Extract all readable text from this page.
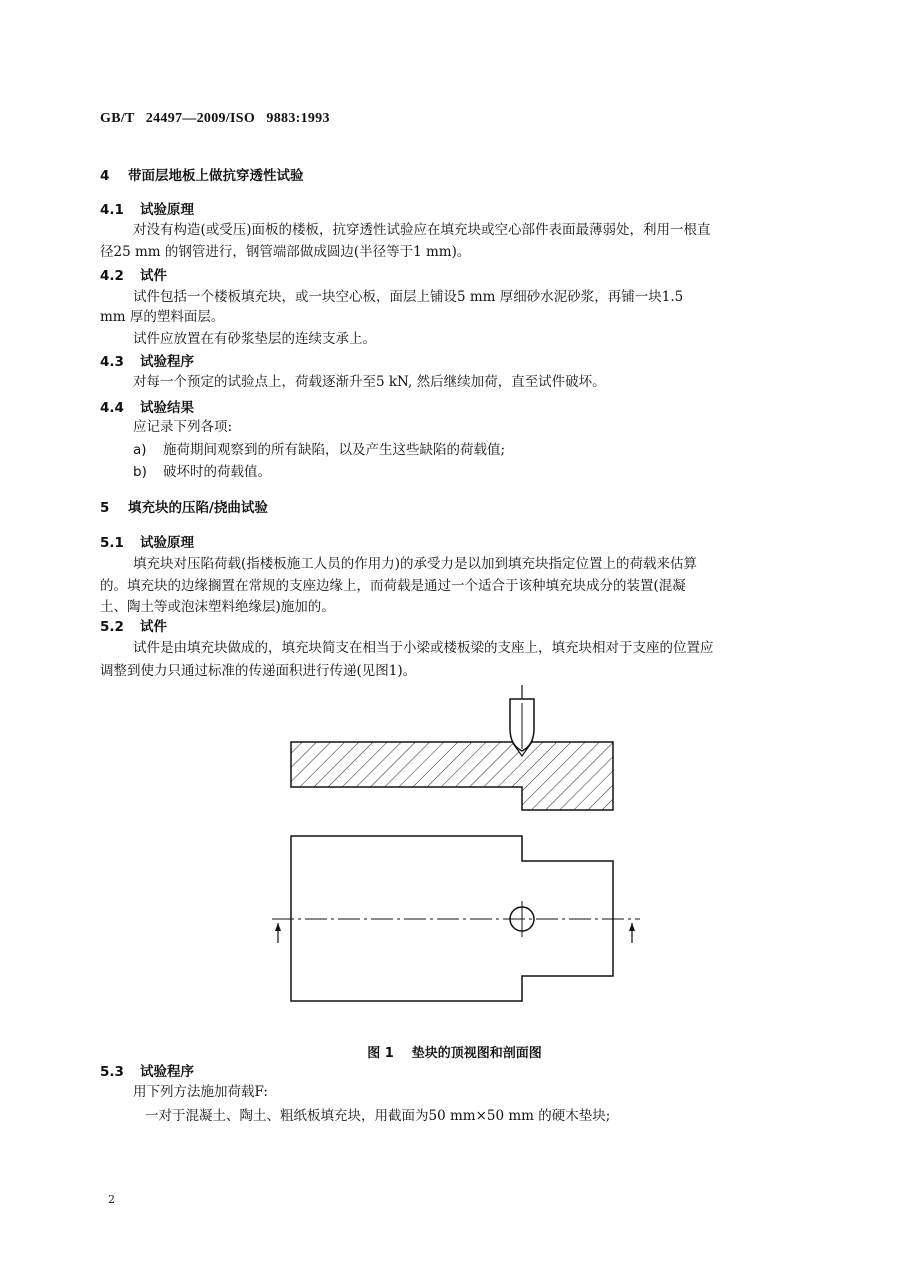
GB/T   24497—2009/ISO   9883:1993
4 带面层地板上做抗穿透性试验
4.1 试验原理
对没有构造(或受压)面板的楼板，抗穿透性试验应在填充块或空心部件表面最薄弱处，利用一根直
径25 mm 的钢管进行，钢管端部做成圆边(半径等于1 mm)。
4.2 试件
试件包括一个楼板填充块，或一块空心板，面层上铺设5 mm 厚细砂水泥砂浆，再铺一块1.5
mm 厚的塑料面层。
试件应放置在有砂浆垫层的连续支承上。
4.3 试验程序
对每一个预定的试验点上，荷载逐渐升至5 kN, 然后继续加荷，直至试件破坏。
4.4 试验结果
应记录下列各项:
a) 施荷期间观察到的所有缺陷，以及产生这些缺陷的荷载值;
b) 破坏时的荷载值。
5 填充块的压陷/挠曲试验
5.1 试验原理
填充块对压陷荷载(指楼板施工人员的作用力)的承受力是以加到填充块指定位置上的荷载来估算
的。填充块的边缘搁置在常规的支座边缘上，而荷载是通过一个适合于该种填充块成分的装置(混凝
土、陶土等或泡沫塑料绝缘层)施加的。
5.2 试件
试件是由填充块做成的，填充块简支在相当于小梁或楼板梁的支座上，填充块相对于支座的位置应
调整到使力只通过标准的传递面积进行传递(见图1)。
图 1 垫块的顶视图和剖面图
5.3 试验程序
用下列方法施加荷载F:
一对于混凝土、陶土、粗纸板填充块，用截面为50 mm×50 mm 的硬木垫块;
2
